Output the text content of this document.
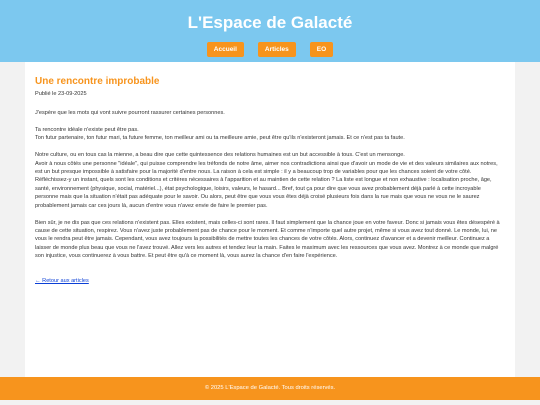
L'Espace de Galacté
Accueil	Articles	EO
Une rencontre improbable

Publié le 23-09-2025

J'espère que les mots qui vont suivre pourront rassurer certaines personnes.

Ta rencontre idéale n'existe peut être pas.
Ton futur partenaire, ton futur mari, ta future femme, ton meilleur ami ou ta meilleure amie, peut être qu'ils n'existeront jamais. Et ce n'est pas ta faute.

Notre culture, ou en tous cas la mienne, a beau dire que cette quintessence des relations humaines est un but accessible à tous. C'est un mensonge.
Avoir à nous côtés une personne "idéale", qui puisse comprendre les tréfonds de notre âme, aimer nos contradictions ainsi que d'avoir un mode de vie et des valeurs similaires aux notres, est un but presque impossible à satisfaire pour la majorité d'entre nous. La raison à cela est simple : il y a beaucoup trop de variables pour que les chances soient de votre côté.
Réfléchissez-y un instant, quels sont les conditions et critères nécessaires à l'apparition et au maintien de cette relation ? La liste est longue et non exhaustive : localisation proche, âge, santé, environnement (physique, social, matériel...), état psychologique, loisirs, valeurs, le hasard... Bref, tout ça pour dire que vous avez probablement déjà parlé à cette incroyable personne mais que la situation n'était pas adéquate pour le savoir. Ou alors, peut être que vous vous êtes déjà croisé plusieurs fois dans la rue mais que vous ne vous ne le saurez probablement jamais car ces jours là, aucun d'entre vous n'avez envie de faire le premier pas.

Bien sûr, je ne dis pas que ces relations n'existent pas. Elles existent, mais celles-ci sont rares. Il faut simplement que la chance joue en votre faveur. Donc si jamais vous êtes désespéré à cause de cette situation, respirez. Vous n'avez juste probablement pas de chance pour le moment. Et comme n'importe quel autre projet, même si vous avez tout donné. Le monde, lui, ne vous le rendra peut être jamais. Cependant, vous avez toujours la possibilités de mettre toutes les chances de votre côtés. Alors, continuez d'avancer et a devenir meilleur. Continuez a laisser de monde plus beau que vous ne l'avez trouvé. Allez vers les autres et tendez leur la main. Faites le maximum avec les ressources que vous avez. Montrez à ce monde que malgré son injustice, vous continuerez à vous battre. Et peut être qu'à ce moment là, vous aurez la chance d'en faire l'expérience.

← Retour aux articles
© 2025 L'Espace de Galacté. Tous droits réservés.
